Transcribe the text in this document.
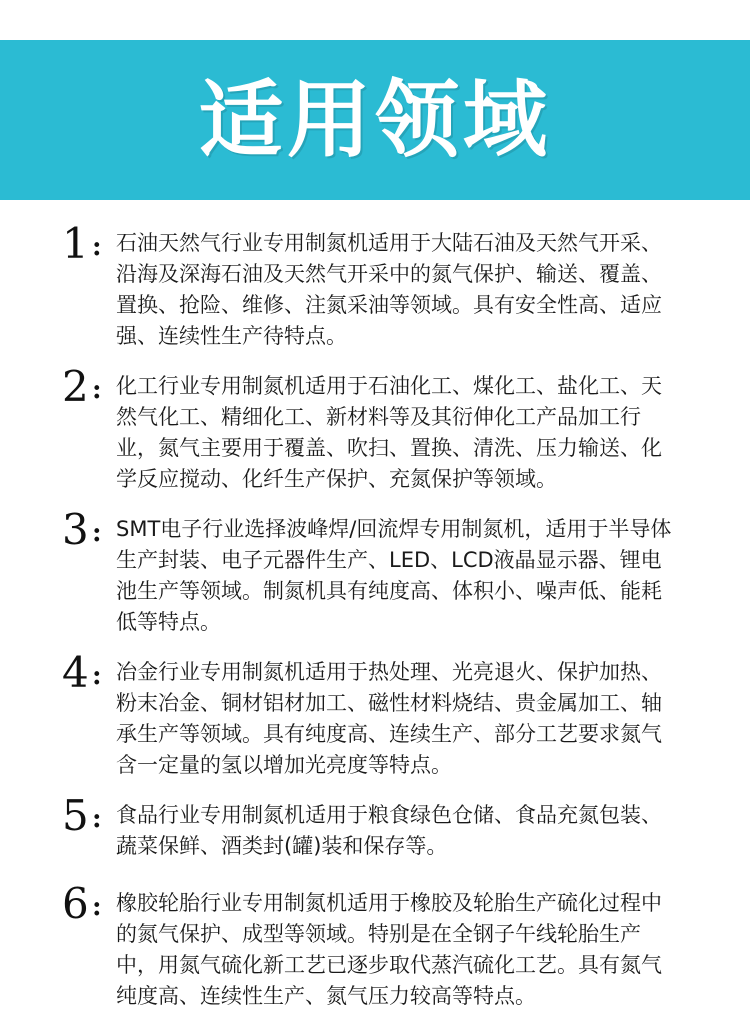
适用领域
1 : 石油天然气行业专用制氮机适用于大陆石油及天然气开采、沿海及深海石油及天然气开采中的氮气保护、输送、覆盖、置换、抢险、维修、注氮采油等领域。具有安全性高、适应强、连续性生产待特点。
2 : 化工行业专用制氮机适用于石油化工、煤化工、盐化工、天然气化工、精细化工、新材料等及其衍伸化工产品加工行业，氮气主要用于覆盖、吹扫、置换、清洗、压力输送、化学反应搅动、化纤生产保护、充氮保护等领域。
3 : SMT电子行业选择波峰焊/回流焊专用制氮机，适用于半导体生产封装、电子元器件生产、LED、LCD液晶显示器、锂电池生产等领域。制氮机具有纯度高、体积小、噪声低、能耗低等特点。
4 : 冶金行业专用制氮机适用于热处理、光亮退火、保护加热、粉末冶金、铜材铝材加工、磁性材料烧结、贵金属加工、轴承生产等领域。具有纯度高、连续生产、部分工艺要求氮气含一定量的氢以增加光亮度等特点。
5 : 食品行业专用制氮机适用于粮食绿色仓储、食品充氮包装、蔬菜保鲜、酒类封(罐)装和保存等。
6 : 橡胶轮胎行业专用制氮机适用于橡胶及轮胎生产硫化过程中的氮气保护、成型等领域。特别是在全钢子午线轮胎生产中，用氮气硫化新工艺已逐步取代蒸汽硫化工艺。具有氮气纯度高、连续性生产、氮气压力较高等特点。
